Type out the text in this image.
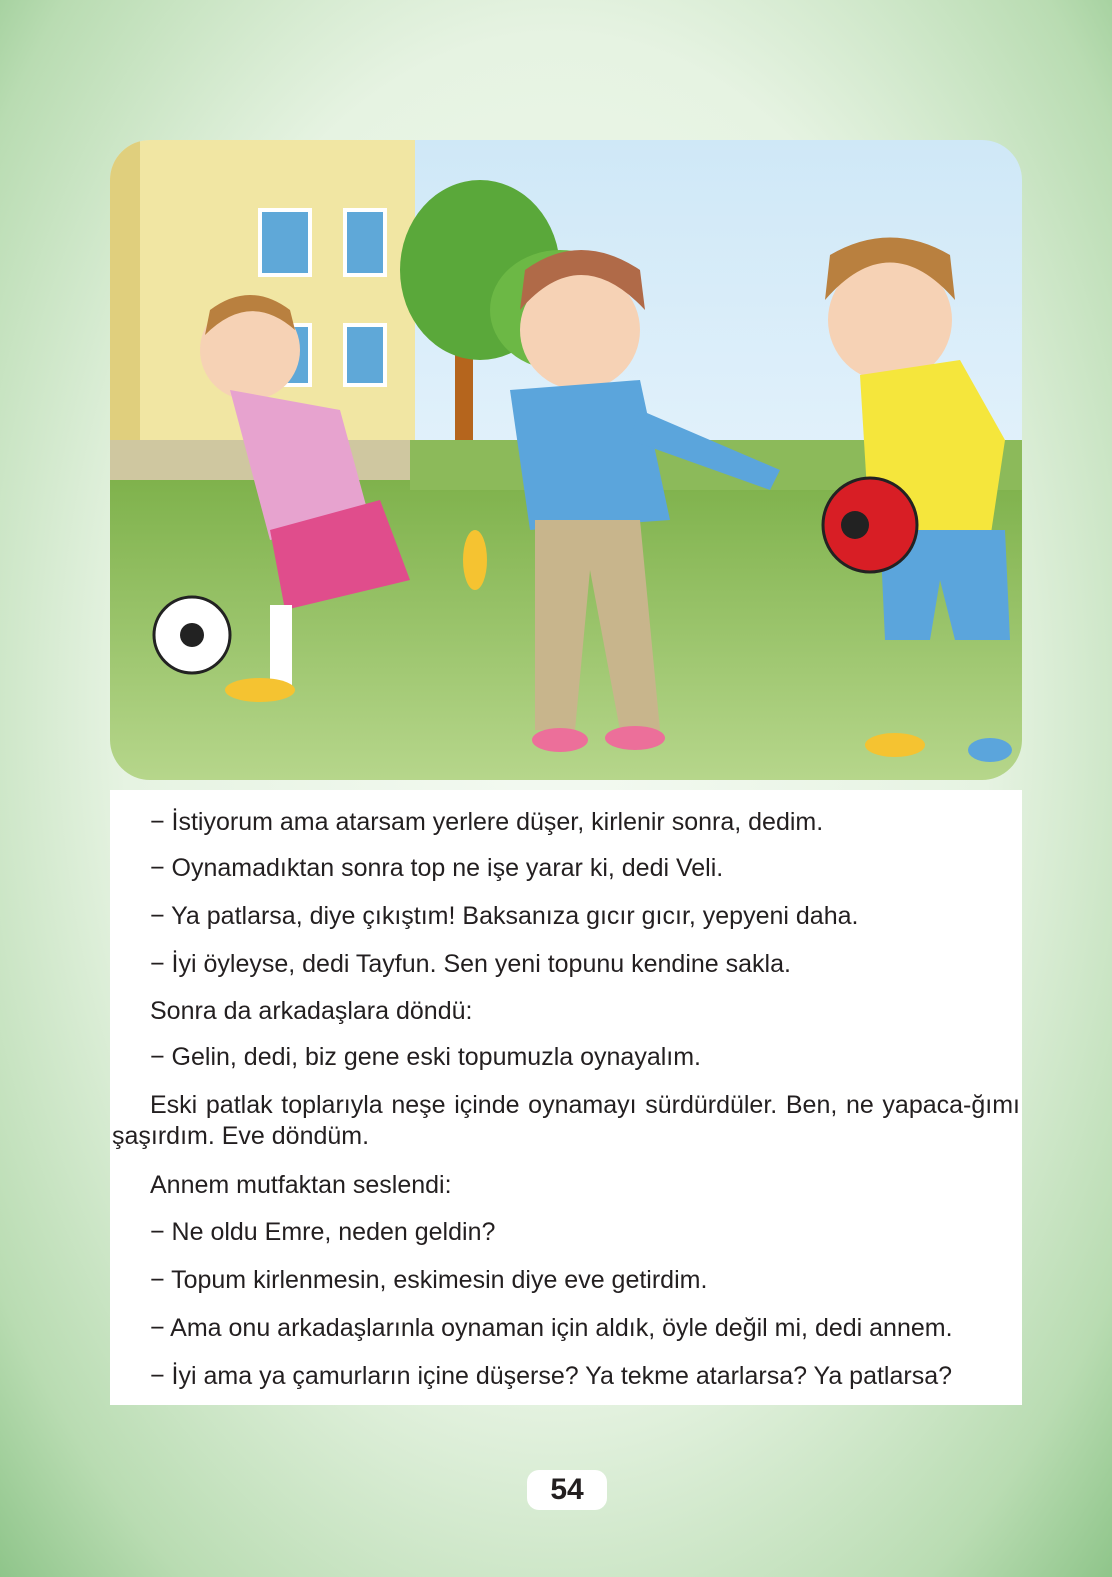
− İstiyorum ama atarsam yerlere düşer, kirlenir sonra, dedim.
− Oynamadıktan sonra top ne işe yarar ki, dedi Veli.
− Ya patlarsa, diye çıkıştım! Baksanıza gıcır gıcır, yepyeni daha.
− İyi öyleyse, dedi Tayfun. Sen yeni topunu kendine sakla.
Sonra da arkadaşlara döndü:
− Gelin, dedi, biz gene eski topumuzla oynayalım.
Eski patlak toplarıyla neşe içinde oynamayı sürdürdüler. Ben, ne yapaca-ğımı şaşırdım. Eve döndüm.
Annem mutfaktan seslendi:
− Ne oldu Emre, neden geldin?
− Topum kirlenmesin, eskimesin diye eve getirdim.
− Ama onu arkadaşlarınla oynaman için aldık, öyle değil mi, dedi annem.
− İyi ama ya çamurların içine düşerse? Ya tekme atarlarsa? Ya patlarsa?
54
